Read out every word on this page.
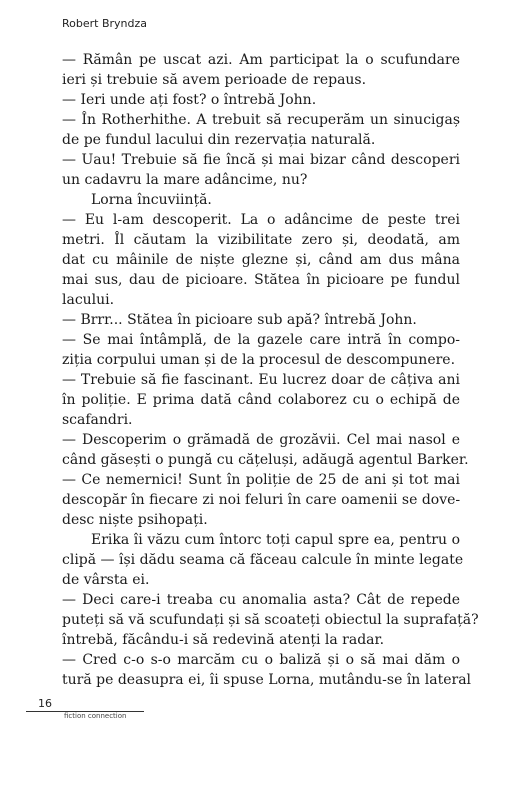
Robert Bryndza
— Rămân pe uscat azi. Am participat la o scufundare
ieri și trebuie să avem perioade de repaus.
— Ieri unde ați fost? o întrebă John.
— În Rotherhithe. A trebuit să recuperăm un sinucigaș
de pe fundul lacului din rezervația naturală.
— Uau! Trebuie să fie încă și mai bizar când descoperi
un cadavru la mare adâncime, nu?
Lorna încuviință.
— Eu l-am descoperit. La o adâncime de peste trei
metri. Îl căutam la vizibilitate zero și, deodată, am
dat cu mâinile de niște glezne și, când am dus mâna
mai sus, dau de picioare. Stătea în picioare pe fundul
lacului.
— Brrr... Stătea în picioare sub apă? întrebă John.
— Se mai întâmplă, de la gazele care intră în compo-
ziția corpului uman și de la procesul de descompunere.
— Trebuie să fie fascinant. Eu lucrez doar de câțiva ani
în poliție. E prima dată când colaborez cu o echipă de
scafandri.
— Descoperim o grămadă de grozăvii. Cel mai nasol e
când găsești o pungă cu cățeluși, adăugă agentul Barker.
— Ce nemernici! Sunt în poliție de 25 de ani și tot mai
descopăr în fiecare zi noi feluri în care oamenii se dove-
desc niște psihopați.
Erika îi văzu cum întorc toți capul spre ea, pentru o
clipă — își dădu seama că făceau calcule în minte legate
de vârsta ei.
— Deci care-i treaba cu anomalia asta? Cât de repede
puteți să vă scufundați și să scoateți obiectul la suprafață?
întrebă, făcându-i să redevină atenți la radar.
— Cred c-o s-o marcăm cu o baliză și o să mai dăm o
tură pe deasupra ei, îi spuse Lorna, mutându-se în lateral
16
fiction connection
